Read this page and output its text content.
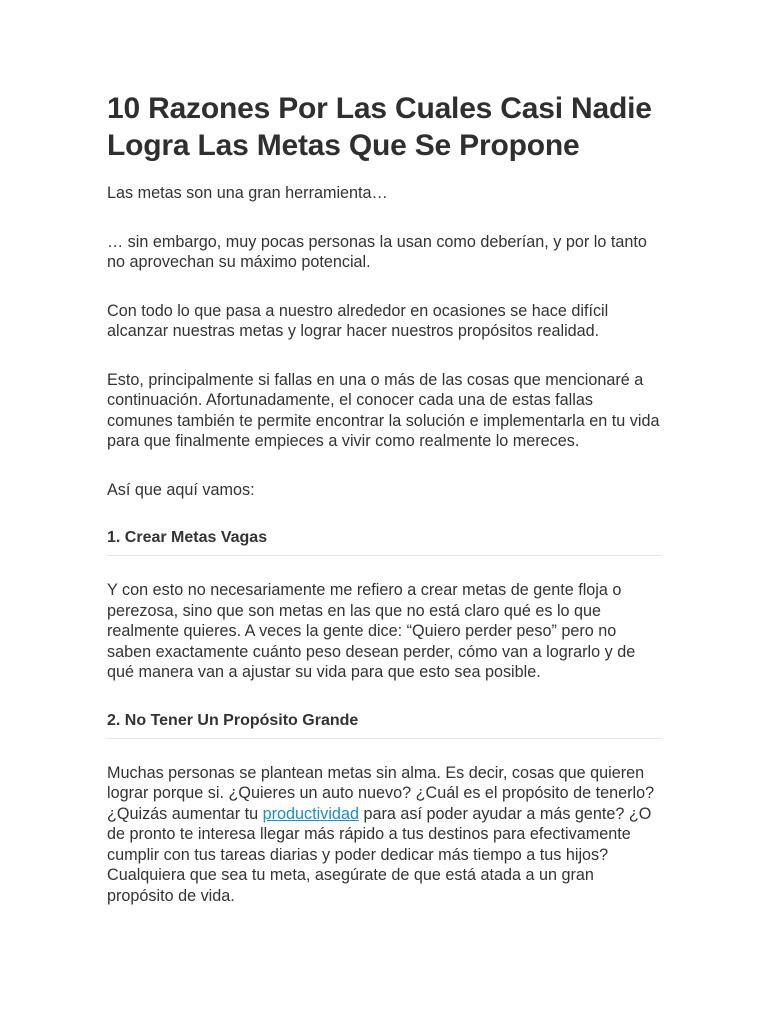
10 Razones Por Las Cuales Casi Nadie Logra Las Metas Que Se Propone

Las metas son una gran herramienta…

… sin embargo, muy pocas personas la usan como deberían, y por lo tanto no aprovechan su máximo potencial.

Con todo lo que pasa a nuestro alrededor en ocasiones se hace difícil alcanzar nuestras metas y lograr hacer nuestros propósitos realidad.

Esto, principalmente si fallas en una o más de las cosas que mencionaré a continuación. Afortunadamente, el conocer cada una de estas fallas comunes también te permite encontrar la solución e implementarla en tu vida para que finalmente empieces a vivir como realmente lo mereces.

Así que aquí vamos:

1. Crear Metas Vagas

Y con esto no necesariamente me refiero a crear metas de gente floja o perezosa, sino que son metas en las que no está claro qué es lo que realmente quieres. A veces la gente dice: “Quiero perder peso” pero no saben exactamente cuánto peso desean perder, cómo van a lograrlo y de qué manera van a ajustar su vida para que esto sea posible.

2. No Tener Un Propósito Grande

Muchas personas se plantean metas sin alma. Es decir, cosas que quieren lograr porque si. ¿Quieres un auto nuevo? ¿Cuál es el propósito de tenerlo? ¿Quizás aumentar tu productividad para así poder ayudar a más gente? ¿O de pronto te interesa llegar más rápido a tus destinos para efectivamente cumplir con tus tareas diarias y poder dedicar más tiempo a tus hijos? Cualquiera que sea tu meta, asegúrate de que está atada a un gran propósito de vida.
